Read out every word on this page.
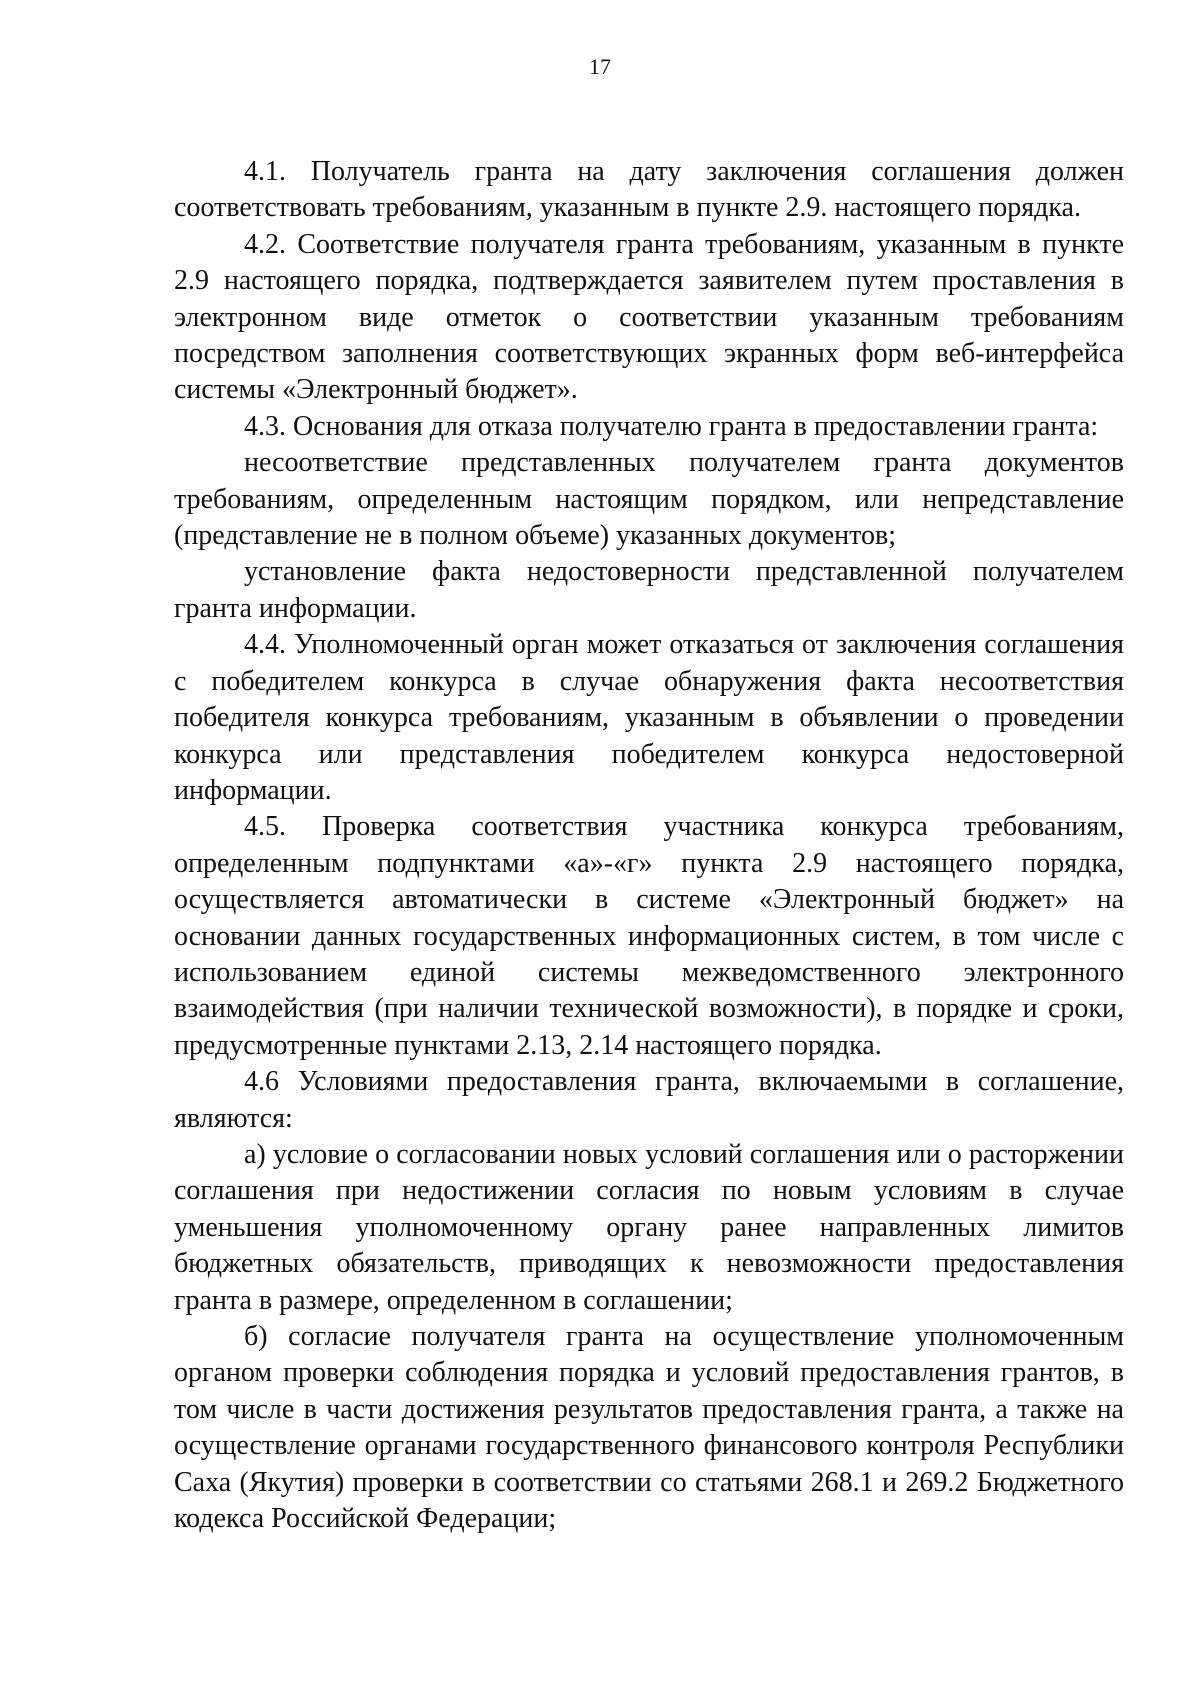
17

4.1. Получатель гранта на дату заключения соглашения должен соответствовать требованиям, указанным в пункте 2.9. настоящего порядка.

4.2. Соответствие получателя гранта требованиям, указанным в пункте 2.9 настоящего порядка, подтверждается заявителем путем проставления в электронном виде отметок о соответствии указанным требованиям посредством заполнения соответствующих экранных форм веб-интерфейса системы «Электронный бюджет».

4.3. Основания для отказа получателю гранта в предоставлении гранта:

несоответствие представленных получателем гранта документов требованиям, определенным настоящим порядком, или непредставление (представление не в полном объеме) указанных документов;

установление факта недостоверности представленной получателем гранта информации.

4.4. Уполномоченный орган может отказаться от заключения соглашения с победителем конкурса в случае обнаружения факта несоответствия победителя конкурса требованиям, указанным в объявлении о проведении конкурса или представления победителем конкурса недостоверной информации.

4.5. Проверка соответствия участника конкурса требованиям, определенным подпунктами «а»-«г» пункта 2.9 настоящего порядка, осуществляется автоматически в системе «Электронный бюджет» на основании данных государственных информационных систем, в том числе с использованием единой системы межведомственного электронного взаимодействия (при наличии технической возможности), в порядке и сроки, предусмотренные пунктами 2.13, 2.14 настоящего порядка.

4.6 Условиями предоставления гранта, включаемыми в соглашение, являются:

а) условие о согласовании новых условий соглашения или о расторжении соглашения при недостижении согласия по новым условиям в случае уменьшения уполномоченному органу ранее направленных лимитов бюджетных обязательств, приводящих к невозможности предоставления гранта в размере, определенном в соглашении;

б) согласие получателя гранта на осуществление уполномоченным органом проверки соблюдения порядка и условий предоставления грантов, в том числе в части достижения результатов предоставления гранта, а также на осуществление органами государственного финансового контроля Республики Саха (Якутия) проверки в соответствии со статьями 268.1 и 269.2 Бюджетного кодекса Российской Федерации;
